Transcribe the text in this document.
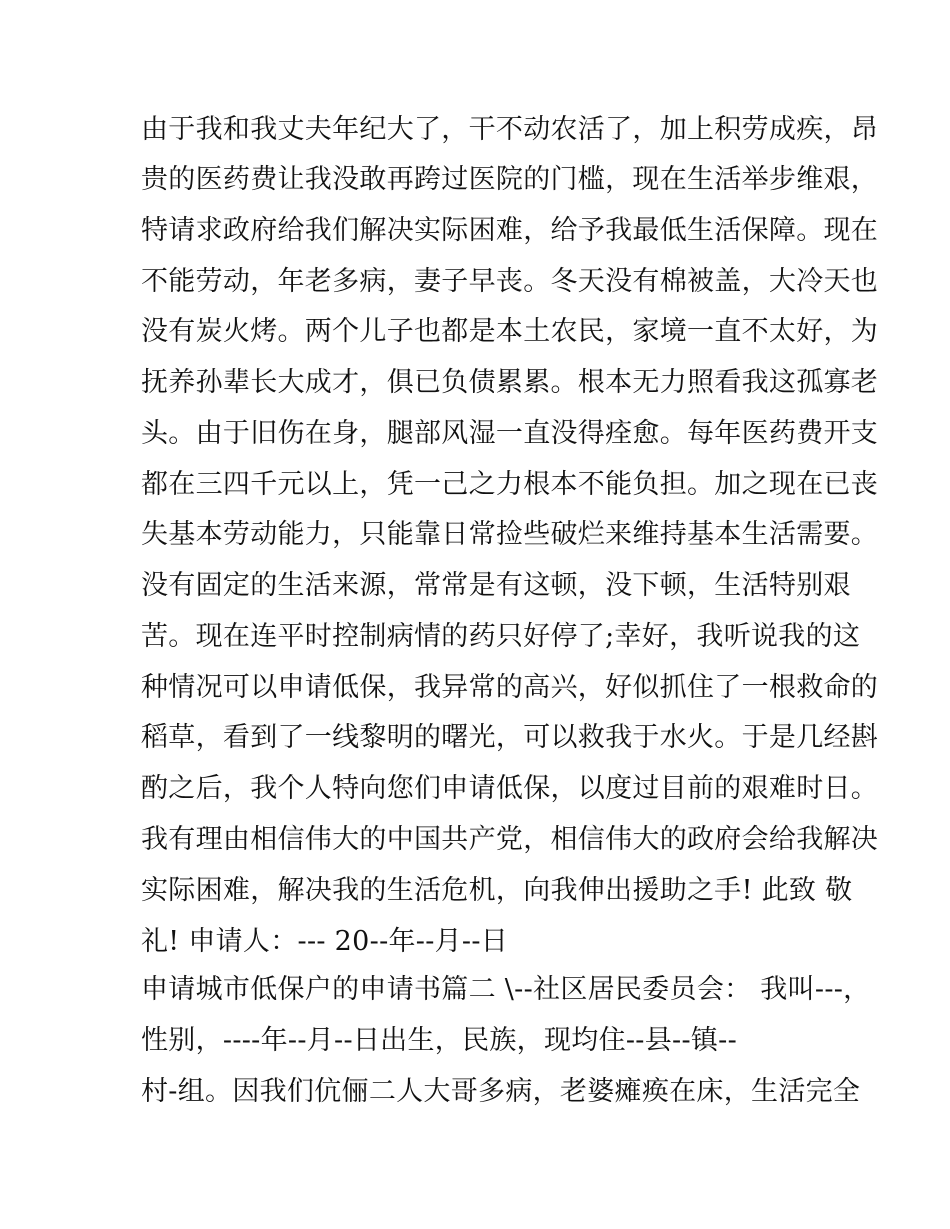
由于我和我丈夫年纪大了，干不动农活了，加上积劳成疾，昂
贵的医药费让我没敢再跨过医院的门槛，现在生活举步维艰，
特请求政府给我们解决实际困难，给予我最低生活保障。现在
不能劳动，年老多病，妻子早丧。冬天没有棉被盖，大冷天也
没有炭火烤。两个儿子也都是本土农民，家境一直不太好，为
抚养孙辈长大成才，俱已负债累累。根本无力照看我这孤寡老
头。由于旧伤在身，腿部风湿一直没得痊愈。每年医药费开支
都在三四千元以上，凭一己之力根本不能负担。加之现在已丧
失基本劳动能力，只能靠日常捡些破烂来维持基本生活需要。
没有固定的生活来源，常常是有这顿，没下顿，生活特别艰
苦。现在连平时控制病情的药只好停了;幸好，我听说我的这
种情况可以申请低保，我异常的高兴，好似抓住了一根救命的
稻草，看到了一线黎明的曙光，可以救我于水火。于是几经斟
酌之后，我个人特向您们申请低保，以度过目前的艰难时日。
我有理由相信伟大的中国共产党，相信伟大的政府会给我解决
实际困难，解决我的生活危机，向我伸出援助之手! 此致 敬
礼! 申请人：--- 20--年--月--日
申请城市低保户的申请书篇二 \--社区居民委员会： 我叫---，
性别，----年--月--日出生，民族，现均住--县--镇--
村-组。因我们伉俪二人大哥多病，老婆瘫痪在床，生活完全
